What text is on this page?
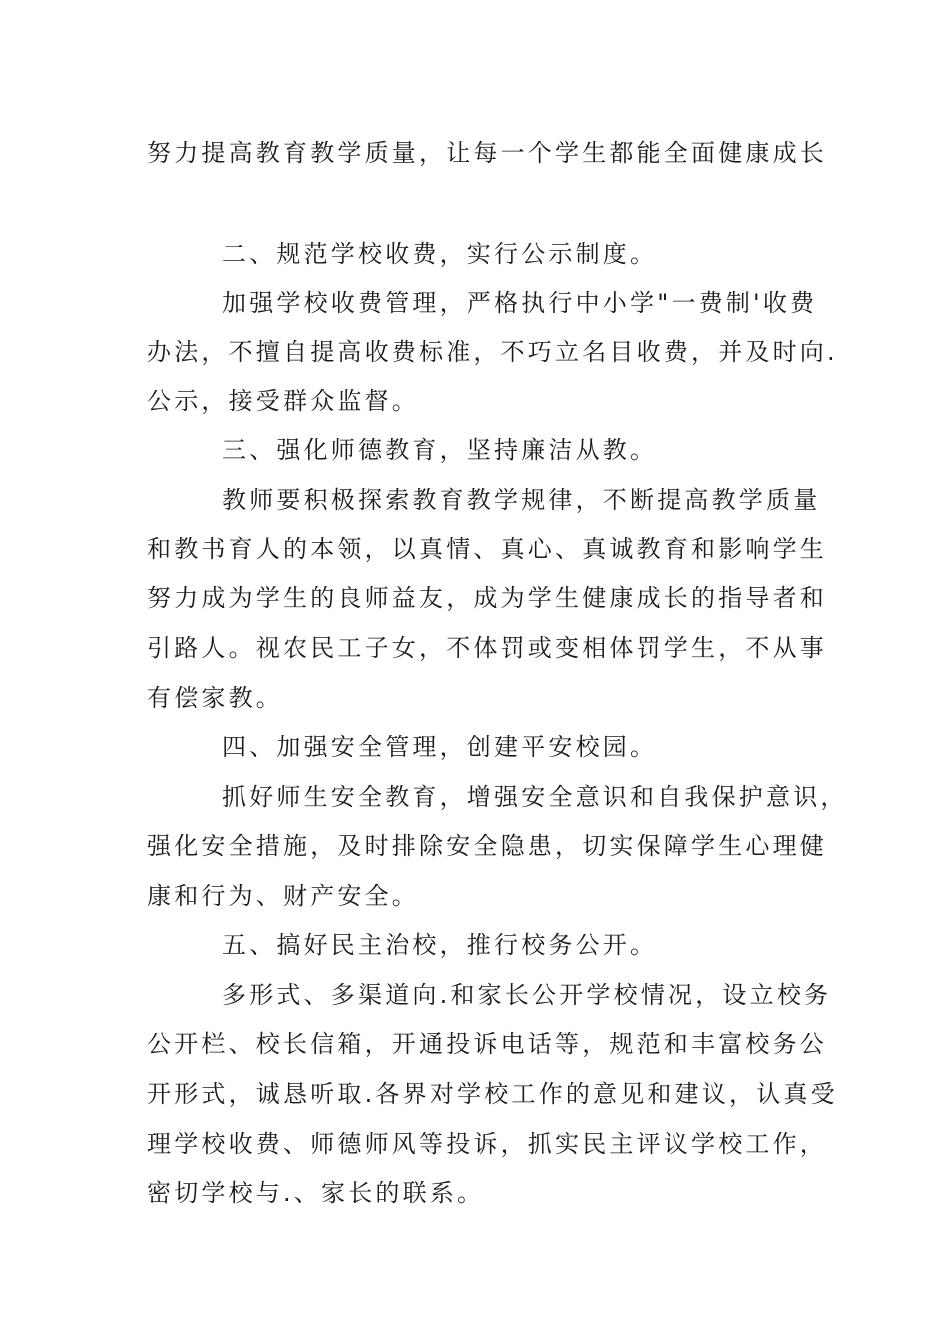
努力提高教育教学质量，让每一个学生都能全面健康成长
二、规范学校收费，实行公示制度。
加强学校收费管理，严格执行中小学"一费制'收费
办法，不擅自提高收费标准，不巧立名目收费，并及时向.
公示，接受群众监督。
三、强化师德教育，坚持廉洁从教。
教师要积极探索教育教学规律，不断提高教学质量
和教书育人的本领，以真情、真心、真诚教育和影响学生
努力成为学生的良师益友，成为学生健康成长的指导者和
引路人。视农民工子女，不体罚或变相体罚学生，不从事
有偿家教。
四、加强安全管理，创建平安校园。
抓好师生安全教育，增强安全意识和自我保护意识，
强化安全措施，及时排除安全隐患，切实保障学生心理健
康和行为、财产安全。
五、搞好民主治校，推行校务公开。
多形式、多渠道向.和家长公开学校情况，设立校务
公开栏、校长信箱，开通投诉电话等，规范和丰富校务公
开形式，诚恳听取.各界对学校工作的意见和建议，认真受
理学校收费、师德师风等投诉，抓实民主评议学校工作，
密切学校与.、家长的联系。
